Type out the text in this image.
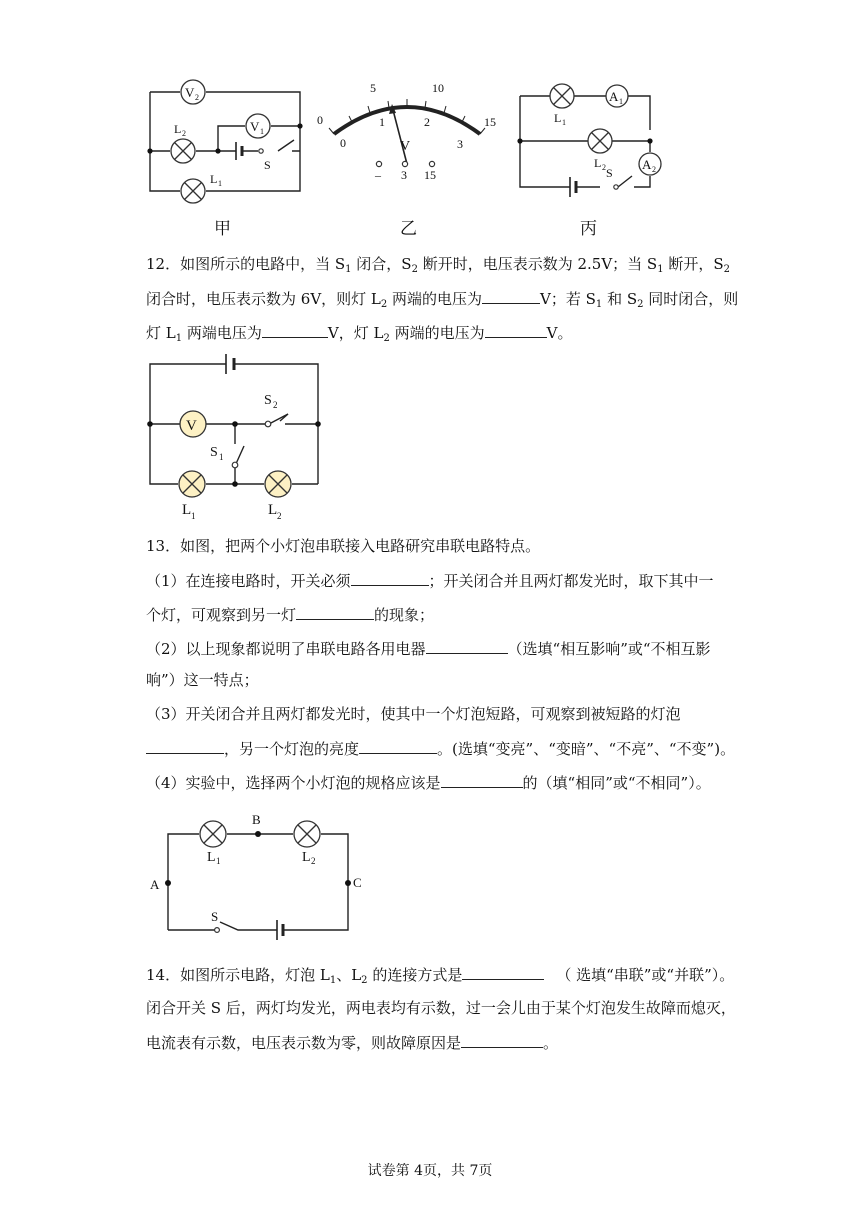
V 2
V 1
L 2
L 1
S
甲
0
5	10
15
0
1	2
3
V
– 3 15
乙
L 1
A 1
L 2	A 2
S
丙
12．如图所示的电路中，当 $S_1$ 闭合，$S_2$ 断开时，电压表示数为 2.5V；当 $S_1$ 断开，$S_2$
闭合时，电压表示数为 6V，则灯 $L_2$ 两端的电压为	V；若 $S_1$ 和 $S_2$ 同时闭合，则
灯 $L_1$ 两端电压为	V，灯 $L_2$ 两端的电压为	V。
V
S 2
S 1
L 1	L 2
13．如图，把两个小灯泡串联接入电路研究串联电路特点。
（1）在连接电路时，开关必须	；开关闭合并且两灯都发光时，取下其中一
个灯，可观察到另一灯	的现象；
（2）以上现象都说明了串联电路各用电器	（选填“相互影响”或“不相互影
响”）这一特点；
（3）开关闭合并且两灯都发光时，使其中一个灯泡短路，可观察到被短路的灯泡
，另一个灯泡的亮度	。(选填“变亮”、“变暗”、“不亮”、“不变”)。
（4）实验中，选择两个小灯泡的规格应该是	的（填“相同”或“不相同”）。
L 1	L 2
A
B
C
S
14．如图所示电路，灯泡 $L_1$、$L_2$ 的连接方式是	（ 选填“串联”或“并联”）。
闭合开关 S 后，两灯均发光，两电表均有示数，过一会儿由于某个灯泡发生故障而熄灭，
电流表有示数，电压表示数为零，则故障原因是	。
试卷第 4页，共 7页
